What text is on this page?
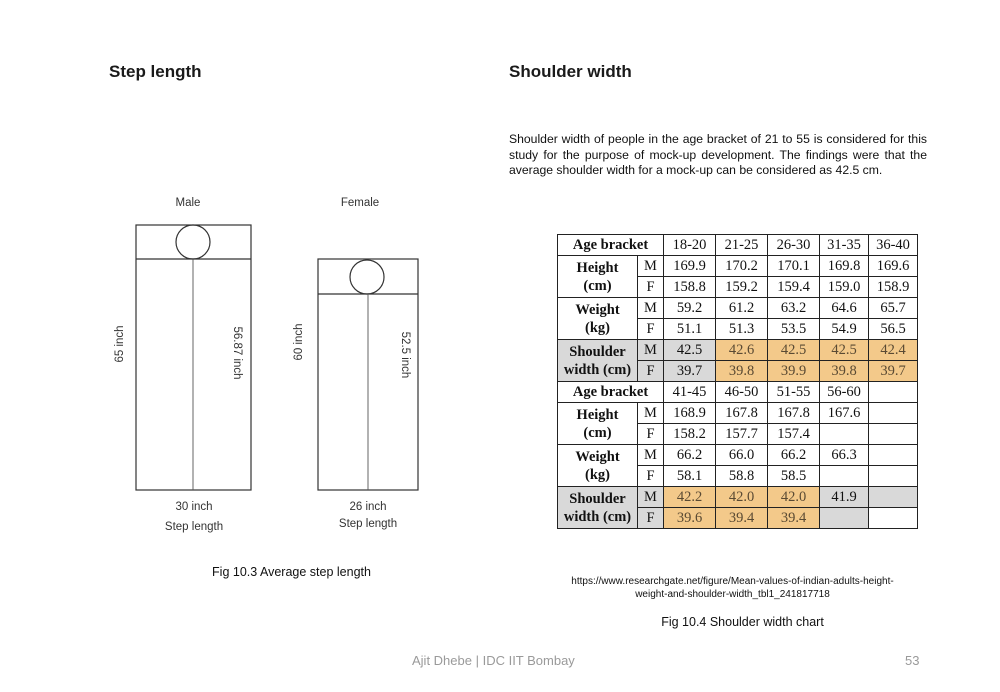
Step length
Male	Female
65 inch	56.87 inch
30 inch
Step length
60 inch	52.5 inch
26 inch
Step length
Fig 10.3 Average step length
Shoulder width
Shoulder width of people in the age bracket of 21 to 55 is considered for this study for the purpose of mock-up development. The findings were that the average shoulder width for a mock-up can be considered as 42.5 cm.
Age bracket		18-20	21-25	26-30	31-35	36-40
Height
(cm)	M	169.9	170.2	170.1	169.8	169.6
	F	158.8	159.2	159.4	159.0	158.9
Weight
(kg)	M	59.2	61.2	63.2	64.6	65.7
	F	51.1	51.3	53.5	54.9	56.5
Shoulder
width (cm)	M	42.5	42.6	42.5	42.5	42.4
	F	39.7	39.8	39.9	39.8	39.7
Age bracket		41-45	46-50	51-55	56-60	
Height
(cm)	M	168.9	167.8	167.8	167.6	
	F	158.2	157.7	157.4		
Weight
(kg)	M	66.2	66.0	66.2	66.3	
	F	58.1	58.8	58.5		
Shoulder
width (cm)	M	42.2	42.0	42.0	41.9	
	F	39.6	39.4	39.4		
https://www.researchgate.net/figure/Mean-values-of-indian-adults-height-
weight-and-shoulder-width_tbl1_241817718
Fig 10.4 Shoulder width chart
Ajit Dhebe | IDC IIT Bombay	53
